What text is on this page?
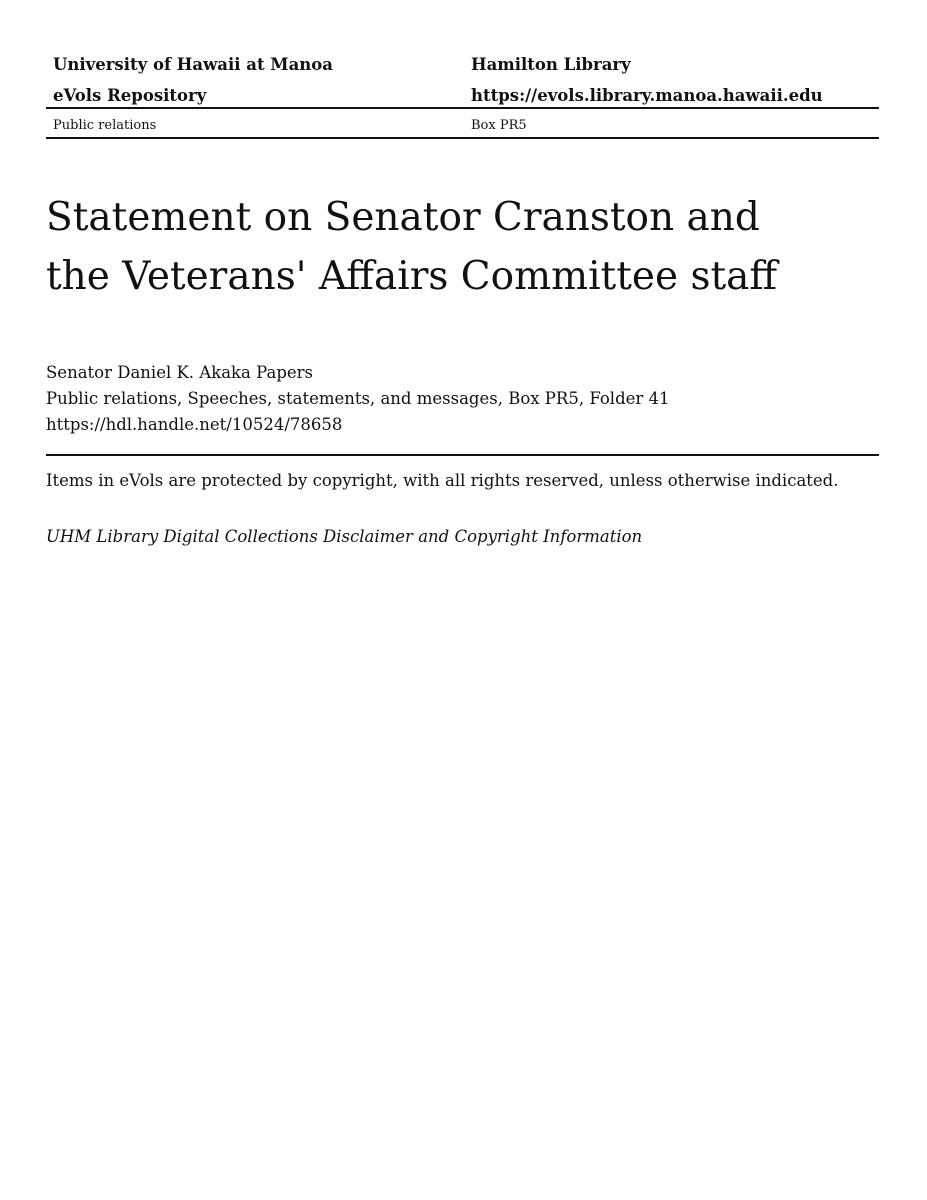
University of Hawaii at Manoa	Hamilton Library
eVols Repository	https://evols.library.manoa.hawaii.edu
Public relations	Box PR5
Statement on Senator Cranston and
the Veterans' Affairs Committee staff
Senator Daniel K. Akaka Papers
Public relations, Speeches, statements, and messages, Box PR5, Folder 41
https://hdl.handle.net/10524/78658
Items in eVols are protected by copyright, with all rights reserved, unless otherwise indicated.
UHM Library Digital Collections Disclaimer and Copyright Information
